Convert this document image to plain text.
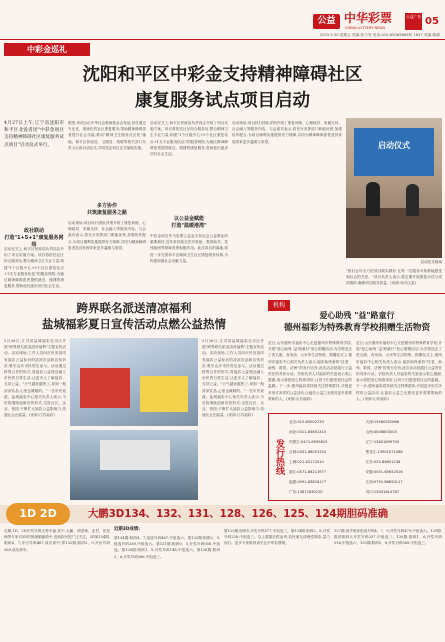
公益 中华彩票
CHINA LOTTERY NEWS
公益广告 05
2025.5.30 星期五 责编:张力发 电话:010-65065865转 1657 美编:陈倩
中彩金巡礼
沈阳和平区中彩金支持精神障碍社区
康复服务试点项目启动
4月27日上午,辽宁省沈阳市和平区北爱者团"中彩金项目支持精神障碍社区康复服务试点项目"启动仪式举行。
政社联动
打造"1+5+1"康复服务网络
启动仪式上,和平区民政局负责同志介绍了项目实施方案。项目将依托社区综合服务站,整合精神卫生专业力量,构建"1个区级中心+5个社区康复站点+1支专业服务队伍"的服务网络,为辖区精神障碍患者提供就近、便捷的康复服务,帮助他们逐步回归社会生活。
据悉,该项目由中华社会救助基金会发起,旨在通过专业化、系统化的社区康复服务,帮助精神障碍患者提升社会功能,推动"精神卫生服务社区化"落地。和平区民政局、卫健局、残联等相关部门负责人出席启动仪式,共同见证项目正式落地实施。
多方协作
共筑康复服务之路
启动现场,项目执行团队详细介绍了康复训练、心理疏导、家属支持、社会融入等服务内容。与会嘉宾表示,将充分发挥部门职能优势,加强协作配合,为项目顺利实施提供有力保障,共同为精神障碍患者及其家庭带来更多温暖与希望。
启动仪式上,和平区民政局负责同志介绍了项目实施方案。项目将依托社区综合服务站,整合精神卫生专业力量,构建"1个区级中心+5个社区康复站点+1支专业服务队伍"的服务网络,为辖区精神障碍患者提供就近、便捷的康复服务,帮助他们逐步回归社会生活。
以公益金赋能
打造"温暖港湾"
中彩金项目作为彩票公益金支持社会公益事业的重要载体,近年来持续在医疗救助、教育助学、扶残助困等领域发挥积极作用。此次项目的落地,将进一步完善和平区精神卫生社区康复服务体系,为构建和谐社会贡献力量。
启动现场,项目执行团队详细介绍了康复训练、心理疏导、家属支持、社会融入等服务内容。与会嘉宾表示,将充分发挥部门职能优势,加强协作配合,为项目顺利实施提供有力保障,共同为精神障碍患者及其家庭带来更多温暖与希望。	启动仪式
启动仪式现场
"我们会尽全力把项目做实做好,让每一位服务对象都能感受到社会的关爱。"项目负责人表示,将定期开展康复评估与成效跟踪,确保项目服务质量。(来源:和平区委)
跨界联名派送清凉福利
盐城福彩夏日宣传活动点燃公益热情
5月26日,江苏省盐城福彩在市区开展"跨界联名派送清凉福利"主题宣传活动。活动现场,工作人员向市民发放印有福彩公益标识的清凉饮品和宣传折页,吸引众多市民驻足参与。活动通过跨界合作的形式,将福彩公益理念融入市民的日常生活,让更多人了解福彩、支持公益。"天气越来越热了,拿到一瓶清凉饮品,心里也暖暖的。"一位市民说道。盐城福彩中心相关负责人表示,今后将继续创新宣传形式,走进社区、企业、校园,不断扩大福彩公益影响力,传递社会正能量。(来源:江苏福彩)
5月26日,江苏省盐城福彩在市区开展"跨界联名派送清凉福利"主题宣传活动。活动现场,工作人员向市民发放印有福彩公益标识的清凉饮品和宣传折页,吸引众多市民驻足参与。活动通过跨界合作的形式,将福彩公益理念融入市民的日常生活,让更多人了解福彩、支持公益。"天气越来越热了,拿到一瓶清凉饮品,心里也暖暖的。"一位市民说道。盐城福彩中心相关负责人表示,今后将继续创新宣传形式,走进社区、企业、校园,不断扩大福彩公益影响力,传递社会正能量。(来源:江苏福彩)
机构
爱心助残 "益"路童行
德州福彩为特殊教育学校捐赠生活物资
近日,山东德州市福彩中心走进德州市特殊教育学校,开展"爱心助残 '益'路童行"爱心捐赠活动,为学校送去了洗衣液、食用油、大米等生活物资。捐赠仪式上,德州市福彩中心相关负责人表示,福彩始终秉持"扶老、助残、救孤、济困"的发行宗旨,此次活动是践行公益责任的具体行动。学校负责人对福彩的关爱表示衷心感谢,表示将把爱心物资用好,让孩子们感受到社会的温暖。下一步,德州福彩将持续关注特殊群体,开展更多形式多样的公益活动,让福彩公益之光照亮更多需要帮助的人。(来源:山东福彩)
近日,山东德州市福彩中心走进德州市特殊教育学校,开展"爱心助残 '益'路童行"爱心捐赠活动,为学校送去了洗衣液、食用油、大米等生活物资。捐赠仪式上,德州市福彩中心相关负责人表示,福彩始终秉持"扶老、助残、救孤、济困"的发行宗旨,此次活动是践行公益责任的具体行动。学校负责人对福彩的关爱表示衷心感谢,表示将把爱心物资用好,让孩子们感受到社会的温暖。下一步,德州福彩将持续关注特殊群体,开展更多形式多样的公益活动,让福彩公益之光照亮更多需要帮助的人。(来源:山东福彩)
发行热线
北京:010-65002733	天津:13560552868
河北:0311-85801315	山西:4008853003
内蒙古:0471-6599815	辽宁:13601899700
吉林:0431-86051220	黑龙江:13901071088
上海:021-62172010	江苏:025-86851236
浙江:0571-88213977	安徽:0551-65652016
福建:0591-83818177	江西:0791-86850117
广东:13672630120	四川:13001614787
1D 2D	大鹏3D134、132、131、128、126、125、124期胆码准确
近期,1D、2D开奖号码走势平稳,其中,大鹏、胡老师、亚君、贺老师等专家对3D的预测频频命中,受到彩民的广泛关注。3D第134期,胆码4、7,开出号码467,成功命中;第132期,胆码2、9,开出号码269,成功命中。
近期3D成绩:
第134期:胆码4、7,组选号码467,中组选六。第132期:胆码2、9,组选号码269,中组选六。第131期:胆码0、5,开奖号码058,中组选。第128期:胆码1、8,开奖号码148,中组选六。第126期:胆码3、6,开奖号码366,中组选三。
第125期:胆码5,开奖号码577,中组选三。第124期:胆码2、8,开奖号码228,中组选三。以上数据仅供参考,彩民朋友请理性购彩,量力而行。更多专家推荐请关注中华彩票网。
127期:高手推荐组选号码4、7、9,开奖号码479,中组选六。129期:推荐胆码3,开奖号码337,中组选三。130期:胆码1、6,开奖号码016,中组选六。133期:胆码5、8,开奖号码588,中组选三。
